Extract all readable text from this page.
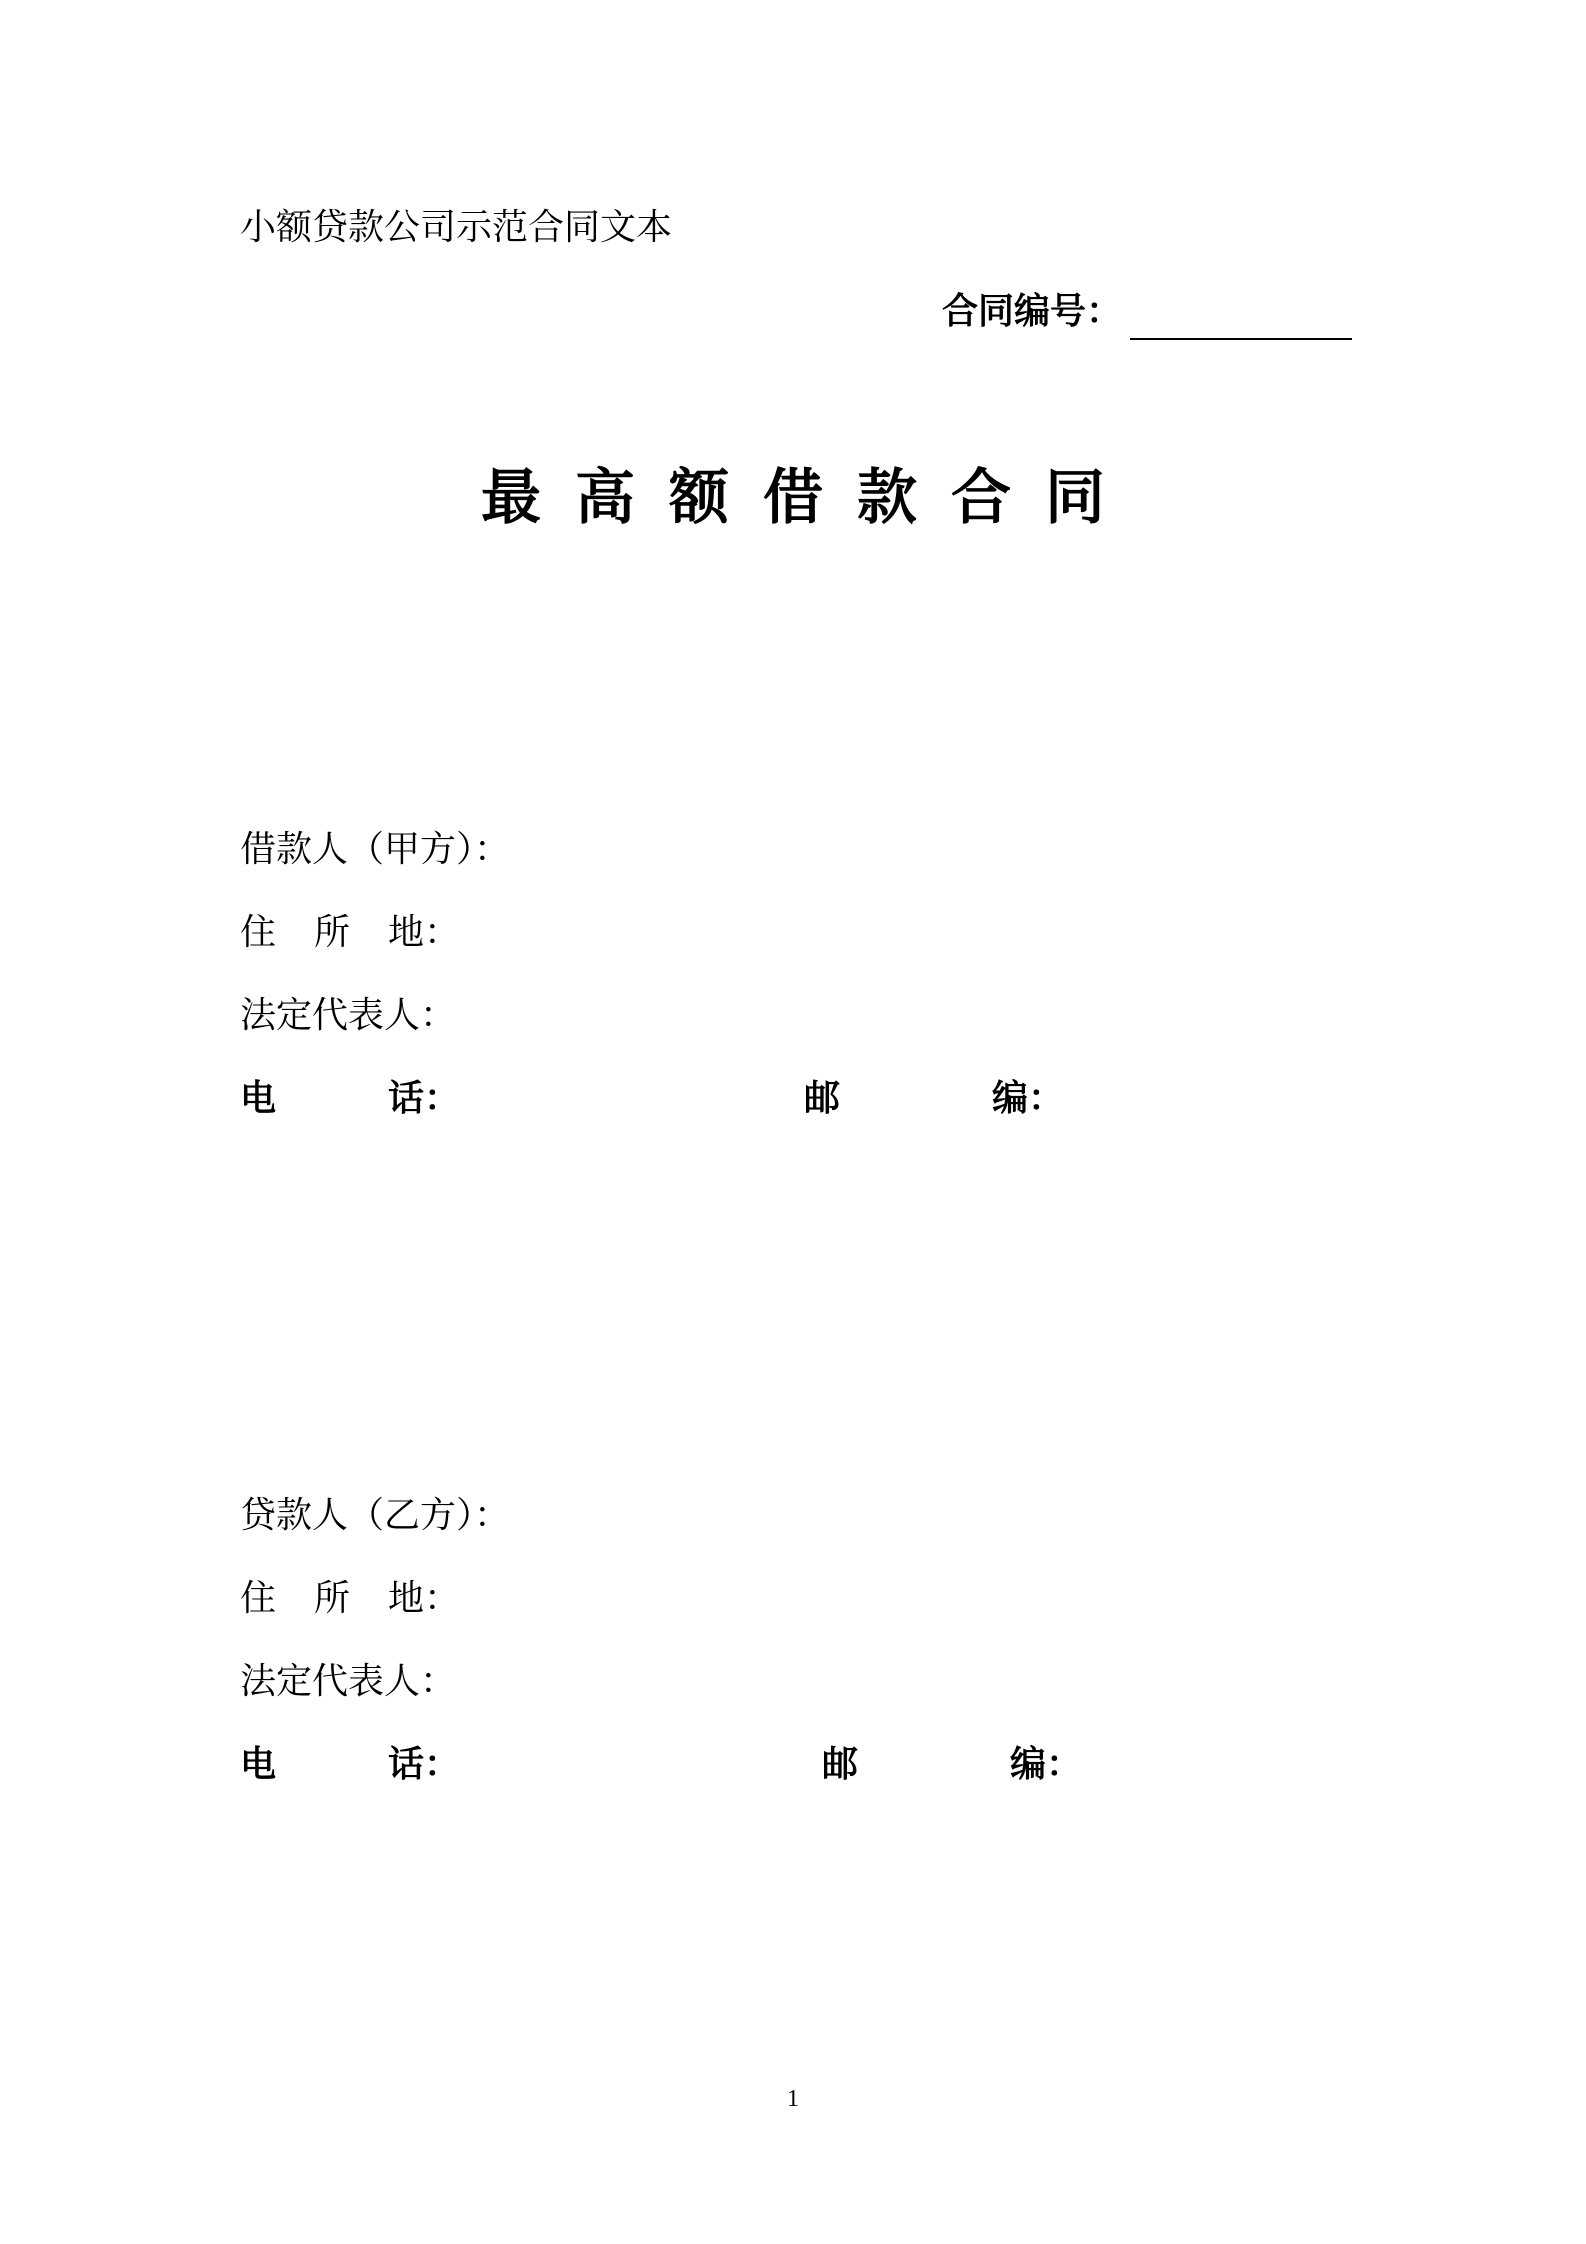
小额贷款公司示范合同文本
合同编号：
最高额借款合同
借款人（甲方）：
住 所 地：
法定代表人：
电	话：	邮	编：
贷款人（乙方）：
住 所 地：
法定代表人：
电	话：	邮	编：
1
